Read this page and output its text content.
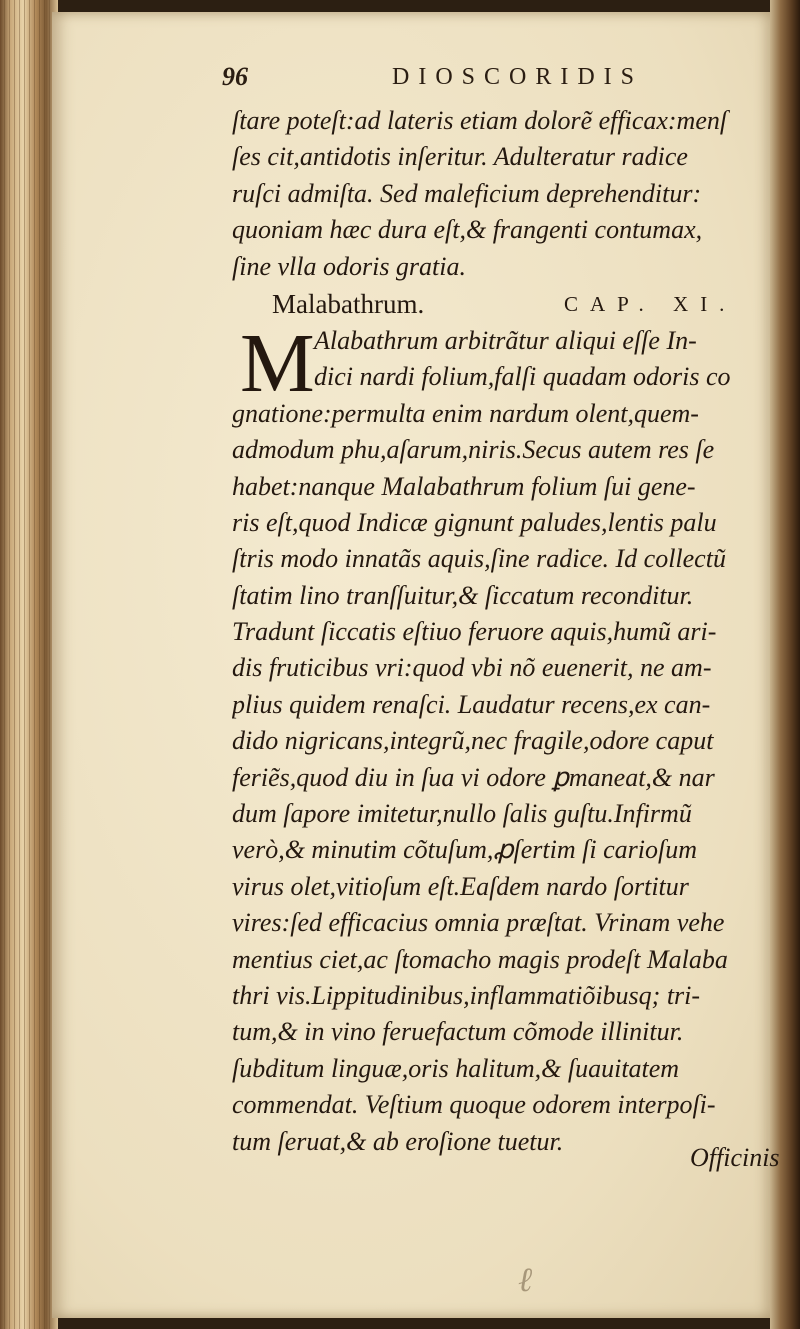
96	DIOSCORIDIS
ſtare poteſt:ad lateris etiam dolorẽ efficax:menſ
ſes cit,antidotis inſeritur. Adulteratur radice
ruſci admiſta. Sed maleficium deprehenditur:
quoniam hæc dura eſt,& frangenti contumax,
ſine vlla odoris gratia.
Malabathrum.	CAP. XI.
M Alabathrum arbitrãtur aliqui eſſe In-
dici nardi folium,falſi quadam odoris co
gnatione:permulta enim nardum olent,quem-
admodum phu,aſarum,niris.Secus autem res ſe
habet:nanque Malabathrum folium ſui gene-
ris eſt,quod Indicæ gignunt paludes,lentis palu
ſtris modo innatãs aquis,ſine radice. Id collectũ
ſtatim lino tranſſuitur,& ſiccatum reconditur.
Tradunt ſiccatis eſtiuo feruore aquis,humũ ari-
dis fruticibus vri:quod vbi nõ euenerit, ne am-
plius quidem renaſci. Laudatur recens,ex can-
dido nigricans,integrũ,nec fragile,odore caput
feriẽs,quod diu in ſua vi odore ꝑmaneat,& nar
dum ſapore imitetur,nullo ſalis guſtu.Infirmũ
verò,& minutim cõtuſum,ꝓſertim ſi carioſum
virus olet,vitioſum eſt.Eaſdem nardo ſortitur
vires:ſed efficacius omnia præſtat. Vrinam vehe
mentius ciet,ac ſtomacho magis prodeſt Malaba
thri vis.Lippitudinibus,inflammatiõibusq; tri-
tum,& in vino feruefactum cõmode illinitur.
ſubditum linguæ,oris halitum,& ſuauitatem
commendat. Veſtium quoque odorem interpoſi-
tum ſeruat,& ab eroſione tuetur.
Officinis
ℓ
